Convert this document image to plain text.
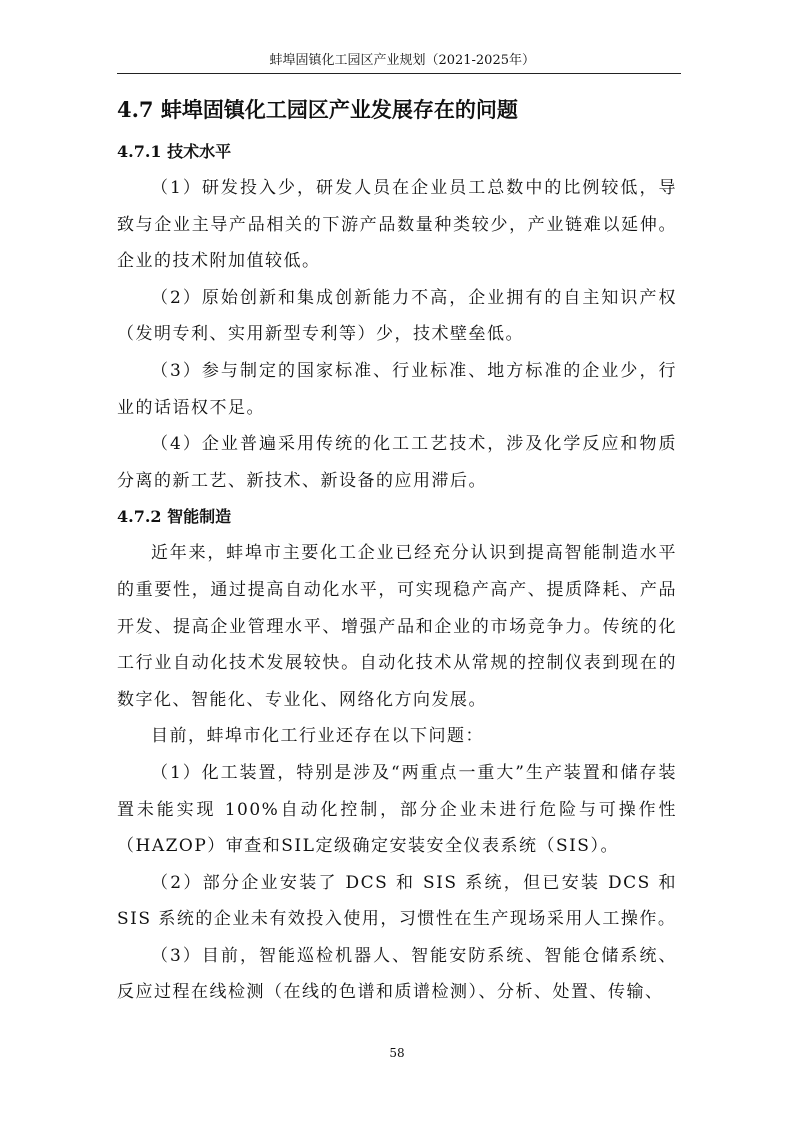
蚌埠固镇化工园区产业规划（2021-2025年）
4.7 蚌埠固镇化工园区产业发展存在的问题
4.7.1 技术水平

（1）研发投入少，研发人员在企业员工总数中的比例较低，导致与企业主导产品相关的下游产品数量种类较少，产业链难以延伸。企业的技术附加值较低。

（2）原始创新和集成创新能力不高，企业拥有的自主知识产权（发明专利、实用新型专利等）少，技术壁垒低。

（3）参与制定的国家标准、行业标准、地方标准的企业少，行业的话语权不足。

（4）企业普遍采用传统的化工工艺技术，涉及化学反应和物质分离的新工艺、新技术、新设备的应用滞后。

4.7.2 智能制造

近年来，蚌埠市主要化工企业已经充分认识到提高智能制造水平的重要性，通过提高自动化水平，可实现稳产高产、提质降耗、产品开发、提高企业管理水平、增强产品和企业的市场竞争力。传统的化工行业自动化技术发展较快。自动化技术从常规的控制仪表到现在的数字化、智能化、专业化、网络化方向发展。

目前，蚌埠市化工行业还存在以下问题：

（1）化工装置，特别是涉及“两重点一重大”生产装置和储存装置未能实现 100%自动化控制，部分企业未进行危险与可操作性（HAZOP）审查和SIL定级确定安装安全仪表系统（SIS）。

（2）部分企业安装了 DCS 和 SIS 系统，但已安装 DCS 和 SIS 系统的企业未有效投入使用，习惯性在生产现场采用人工操作。

（3）目前，智能巡检机器人、智能安防系统、智能仓储系统、反应过程在线检测（在线的色谱和质谱检测）、分析、处置、传输、

58
